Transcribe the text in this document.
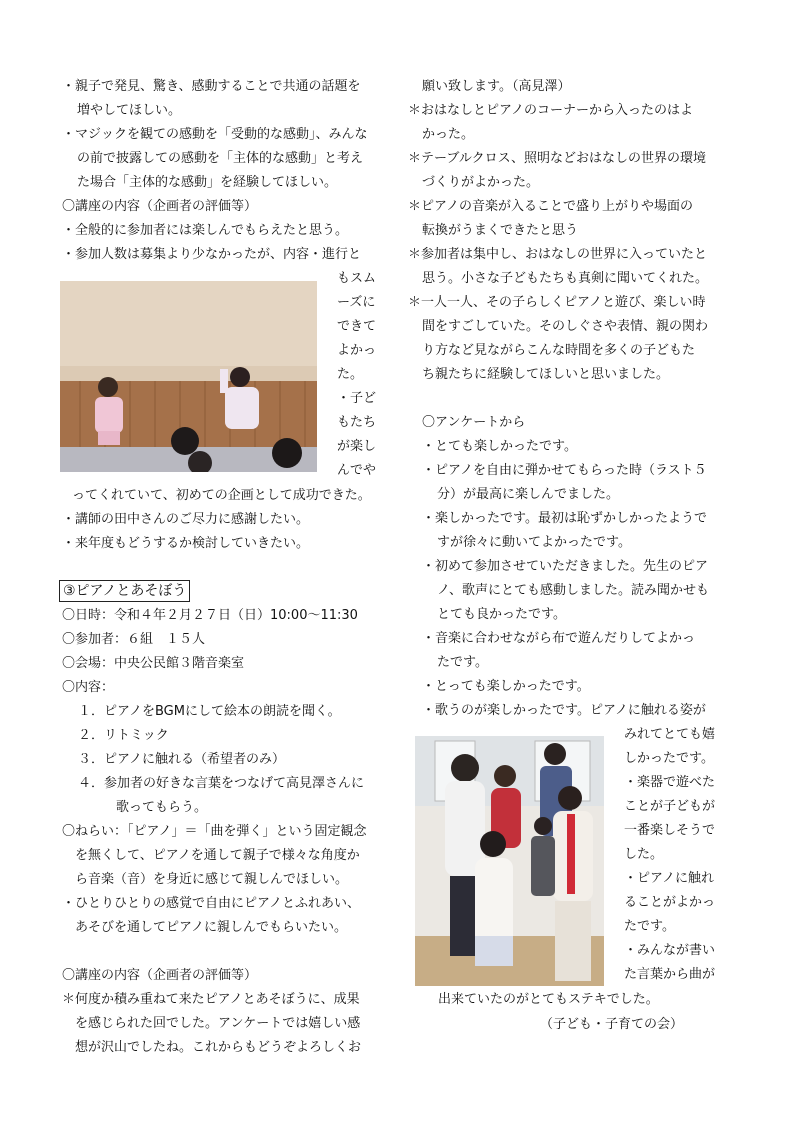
・親子で発見、驚き、感動することで共通の話題を
増やしてほしい。
・マジックを観ての感動を「受動的な感動」、みんな
の前で披露しての感動を「主体的な感動」と考え
た場合「主体的な感動」を経験してほしい。
〇講座の内容（企画者の評価等）
・全般的に参加者には楽しんでもらえたと思う。
・参加人数は募集より少なかったが、内容・進行と
もスム
ーズに
できて
よかっ
た。
・子ど
もたち
が楽し
んでや
ってくれていて、初めての企画として成功できた。
・講師の田中さんのご尽力に感謝したい。
・来年度もどうするか検討していきたい。
③ピアノとあそぼう
〇日時：令和４年２月２７日（日）10:00～11:30
〇参加者：６組　１５人
〇会場：中央公民館３階音楽室
〇内容：
１．ピアノをBGMにして絵本の朗読を聞く。
２．リトミック
３．ピアノに触れる（希望者のみ）
４．参加者の好きな言葉をつなげて高見澤さんに
歌ってもらう。
〇ねらい：「ピアノ」＝「曲を弾く」という固定観念
を無くして、ピアノを通して親子で様々な角度か
ら音楽（音）を身近に感じて親しんでほしい。
・ひとりひとりの感覚で自由にピアノとふれあい、
あそびを通してピアノに親しんでもらいたい。
〇講座の内容（企画者の評価等）
＊何度か積み重ねて来たピアノとあそぼうに、成果
を感じられた回でした。アンケートでは嬉しい感
想が沢山でしたね。これからもどうぞよろしくお
願い致します。（高見澤）
＊おはなしとピアノのコーナーから入ったのはよ
かった。
＊テーブルクロス、照明などおはなしの世界の環境
づくりがよかった。
＊ピアノの音楽が入ることで盛り上がりや場面の
転換がうまくできたと思う
＊参加者は集中し、おはなしの世界に入っていたと
思う。小さな子どもたちも真剣に聞いてくれた。
＊一人一人、その子らしくピアノと遊び、楽しい時
間をすごしていた。そのしぐさや表情、親の関わ
り方など見ながらこんな時間を多くの子どもた
ち親たちに経験してほしいと思いました。
〇アンケートから
・とても楽しかったです。
・ピアノを自由に弾かせてもらった時（ラスト５
分）が最高に楽しんでました。
・楽しかったです。最初は恥ずかしかったようで
すが徐々に動いてよかったです。
・初めて参加させていただきました。先生のピア
ノ、歌声にとても感動しました。読み聞かせも
とても良かったです。
・音楽に合わせながら布で遊んだりしてよかっ
たです。
・とっても楽しかったです。
・歌うのが楽しかったです。ピアノに触れる姿が
みれてとても嬉
しかったです。
・楽器で遊べた
ことが子どもが
一番楽しそうで
した。
・ピアノに触れ
ることがよかっ
たです。
・みんなが書い
た言葉から曲が
出来ていたのがとてもステキでした。
（子ども・子育ての会）
